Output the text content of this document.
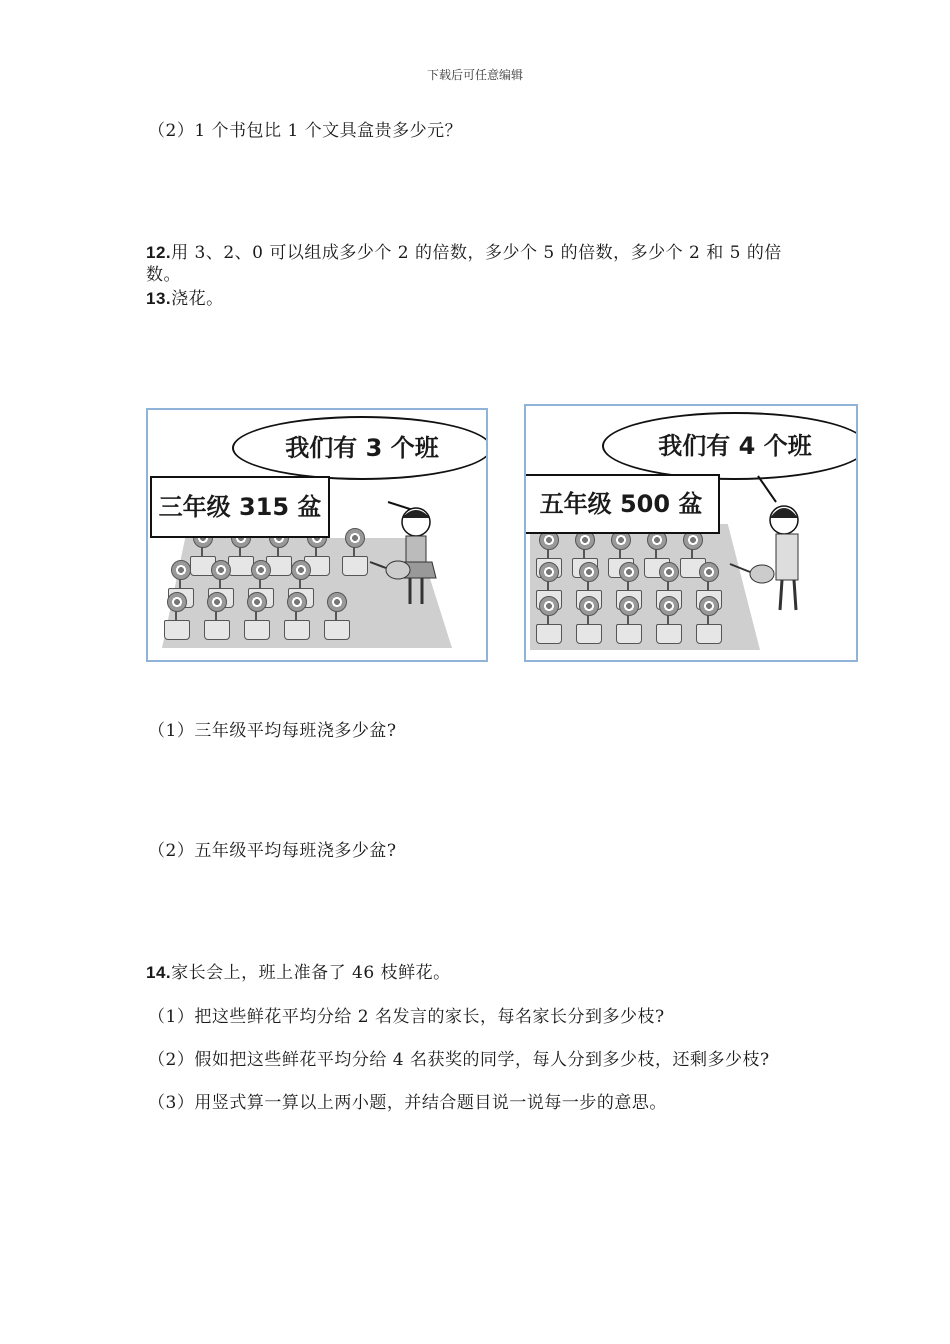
下载后可任意编辑
（2）1 个书包比 1 个文具盒贵多少元？
12.用 3、2、0 可以组成多少个 2 的倍数，多少个 5 的倍数，多少个 2 和 5 的倍
数。
13.浇花。
我们有 3 个班
三年级 315 盆
我们有 4 个班
五年级 500 盆
（1）三年级平均每班浇多少盆?
（2）五年级平均每班浇多少盆?
14.家长会上，班上准备了 46 枝鲜花。
（1）把这些鲜花平均分给 2 名发言的家长，每名家长分到多少枝?
（2）假如把这些鲜花平均分给 4 名获奖的同学，每人分到多少枝，还剩多少枝?
（3）用竖式算一算以上两小题，并结合题目说一说每一步的意思。
